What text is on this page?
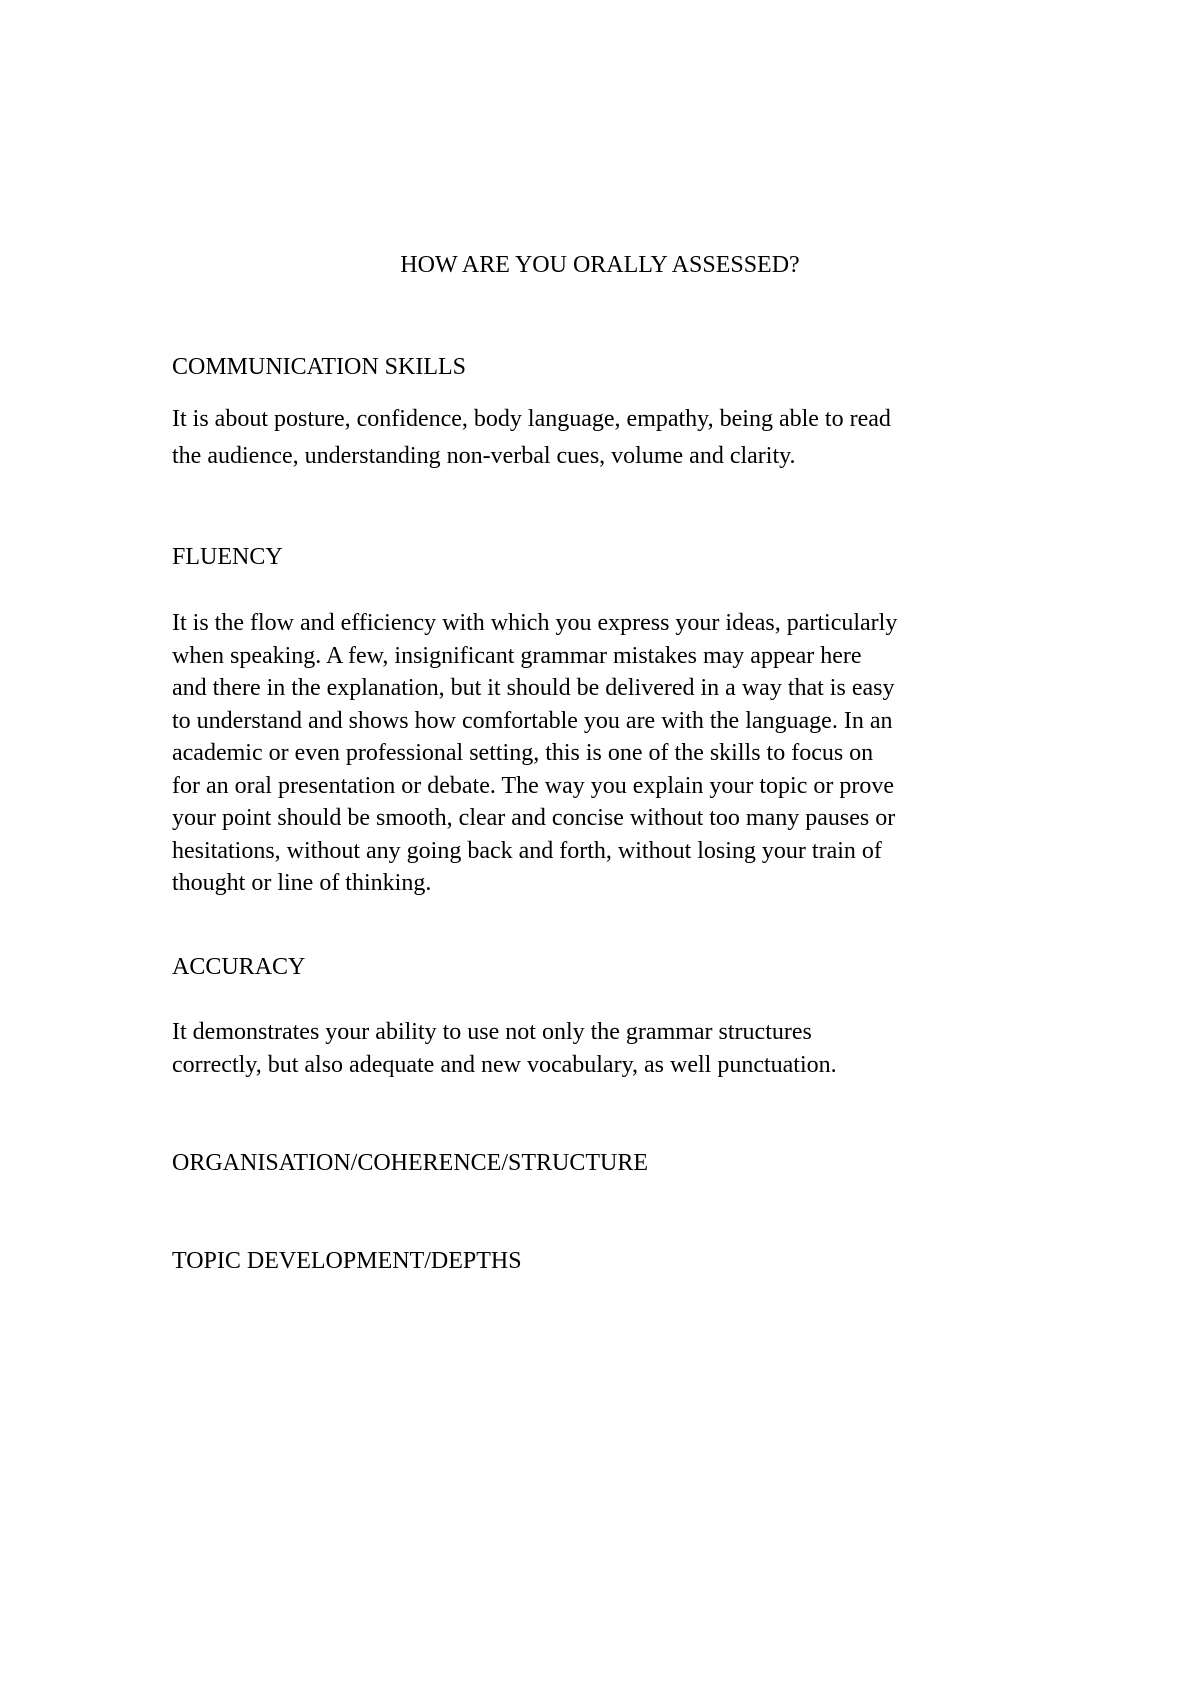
HOW ARE YOU ORALLY ASSESSED?
COMMUNICATION SKILLS
It is about posture, confidence, body language, empathy, being able to read
the audience, understanding non-verbal cues, volume and clarity.
FLUENCY
It is the flow and efficiency with which you express your ideas, particularly
when speaking. A few, insignificant grammar mistakes may appear here
and there in the explanation, but it should be delivered in a way that is easy
to understand and shows how comfortable you are with the language. In an
academic or even professional setting, this is one of the skills to focus on
for an oral presentation or debate. The way you explain your topic or prove
your point should be smooth, clear and concise without too many pauses or
hesitations, without any going back and forth, without losing your train of
thought or line of thinking.
ACCURACY
It demonstrates your ability to use not only the grammar structures
correctly, but also adequate and new vocabulary, as well punctuation.
ORGANISATION/COHERENCE/STRUCTURE
TOPIC DEVELOPMENT/DEPTHS
